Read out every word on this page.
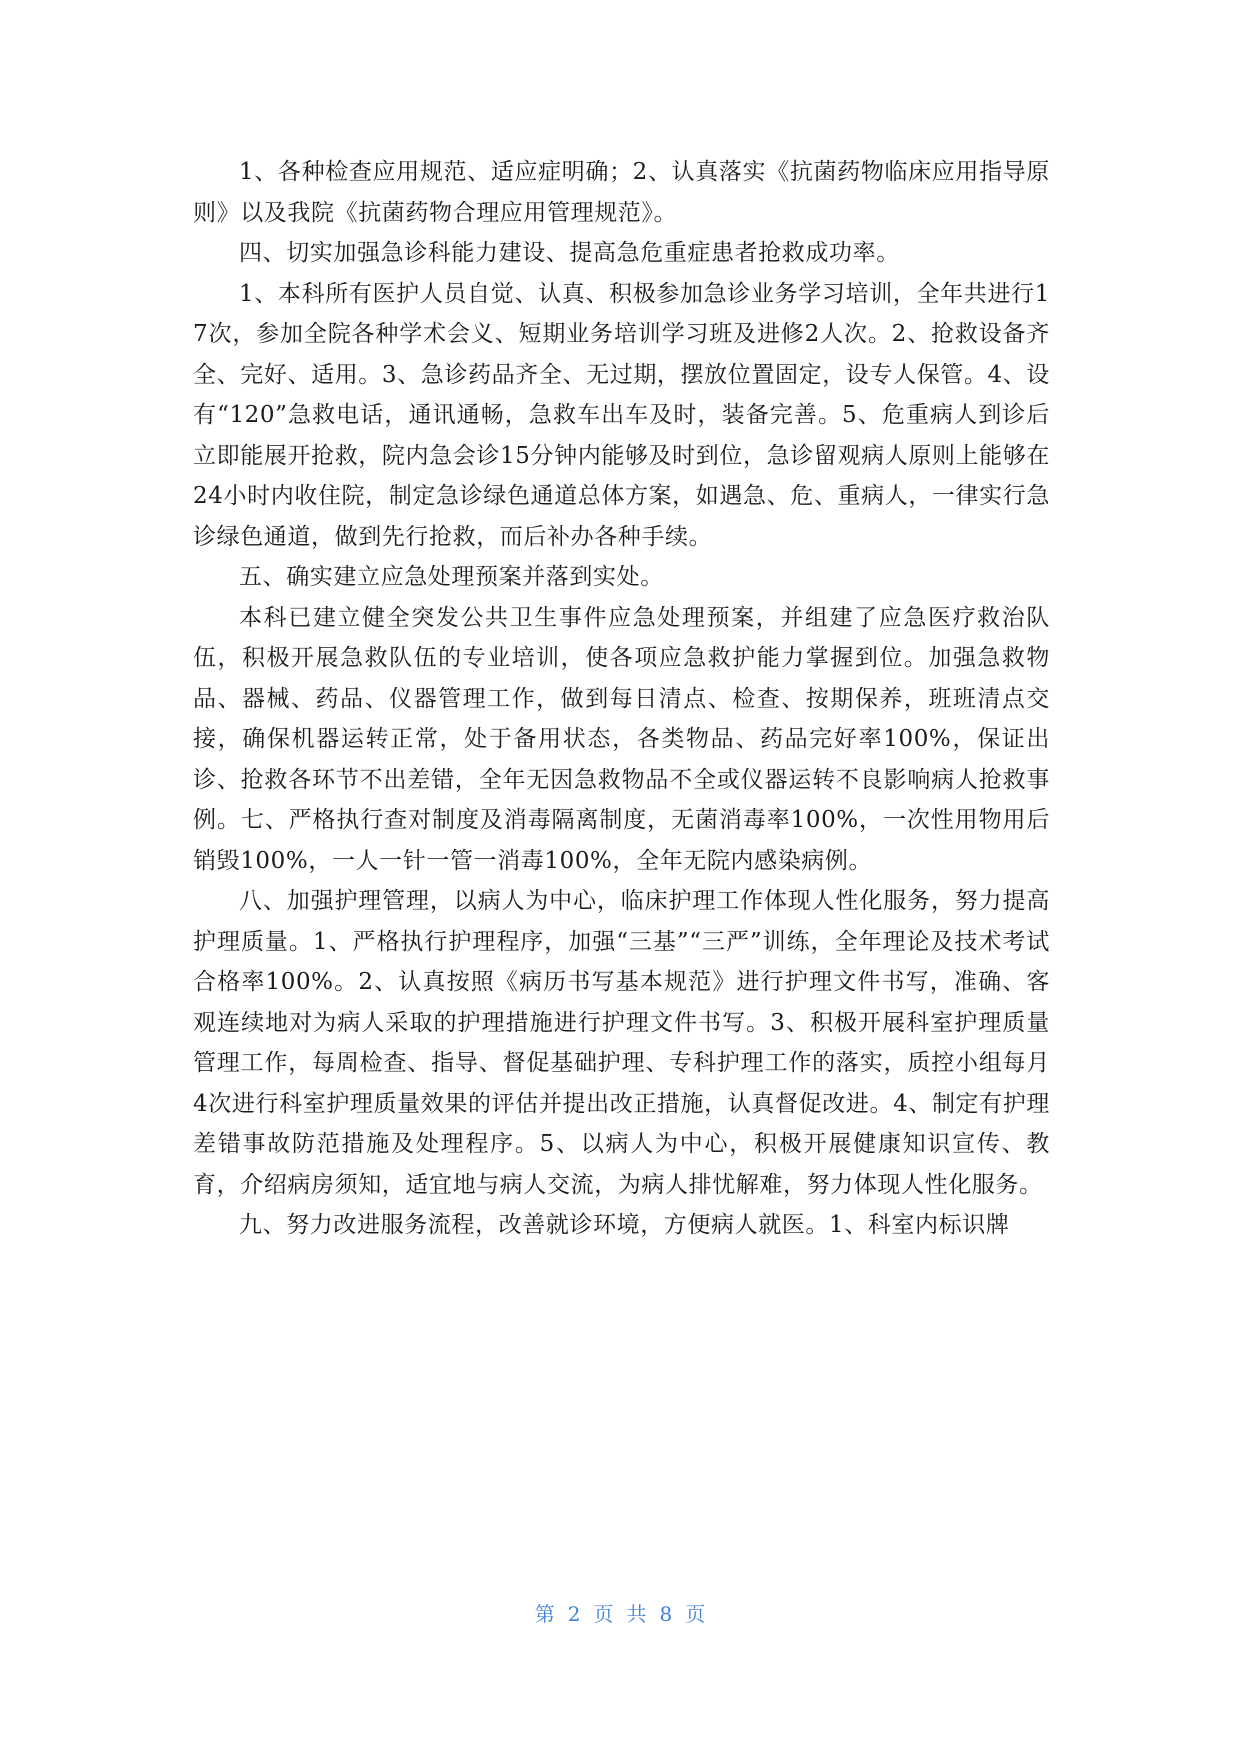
1、各种检查应用规范、适应症明确；2、认真落实《抗菌药物临床应用指导原则》以及我院《抗菌药物合理应用管理规范》。

四、切实加强急诊科能力建设、提高急危重症患者抢救成功率。

1、本科所有医护人员自觉、认真、积极参加急诊业务学习培训，全年共进行17次，参加全院各种学术会义、短期业务培训学习班及进修2人次。2、抢救设备齐全、完好、适用。3、急诊药品齐全、无过期，摆放位置固定，设专人保管。4、设有“120”急救电话，通讯通畅，急救车出车及时，装备完善。5、危重病人到诊后立即能展开抢救，院内急会诊15分钟内能够及时到位，急诊留观病人原则上能够在24小时内收住院，制定急诊绿色通道总体方案，如遇急、危、重病人，一律实行急诊绿色通道，做到先行抢救，而后补办各种手续。

五、确实建立应急处理预案并落到实处。

本科已建立健全突发公共卫生事件应急处理预案，并组建了应急医疗救治队伍，积极开展急救队伍的专业培训，使各项应急救护能力掌握到位。加强急救物品、器械、药品、仪器管理工作，做到每日清点、检查、按期保养，班班清点交接，确保机器运转正常，处于备用状态，各类物品、药品完好率100%，保证出诊、抢救各环节不出差错，全年无因急救物品不全或仪器运转不良影响病人抢救事例。七、严格执行查对制度及消毒隔离制度，无菌消毒率100%，一次性用物用后销毁100%，一人一针一管一消毒100%，全年无院内感染病例。

八、加强护理管理，以病人为中心，临床护理工作体现人性化服务，努力提高护理质量。1、严格执行护理程序，加强“三基”“三严”训练，全年理论及技术考试合格率100%。2、认真按照《病历书写基本规范》进行护理文件书写，准确、客观连续地对为病人采取的护理措施进行护理文件书写。3、积极开展科室护理质量管理工作，每周检查、指导、督促基础护理、专科护理工作的落实，质控小组每月4次进行科室护理质量效果的评估并提出改正措施，认真督促改进。4、制定有护理差错事故防范措施及处理程序。5、以病人为中心，积极开展健康知识宣传、教育，介绍病房须知，适宜地与病人交流，为病人排忧解难，努力体现人性化服务。

九、努力改进服务流程，改善就诊环境，方便病人就医。1、科室内标识牌

第 2 页 共 8 页
